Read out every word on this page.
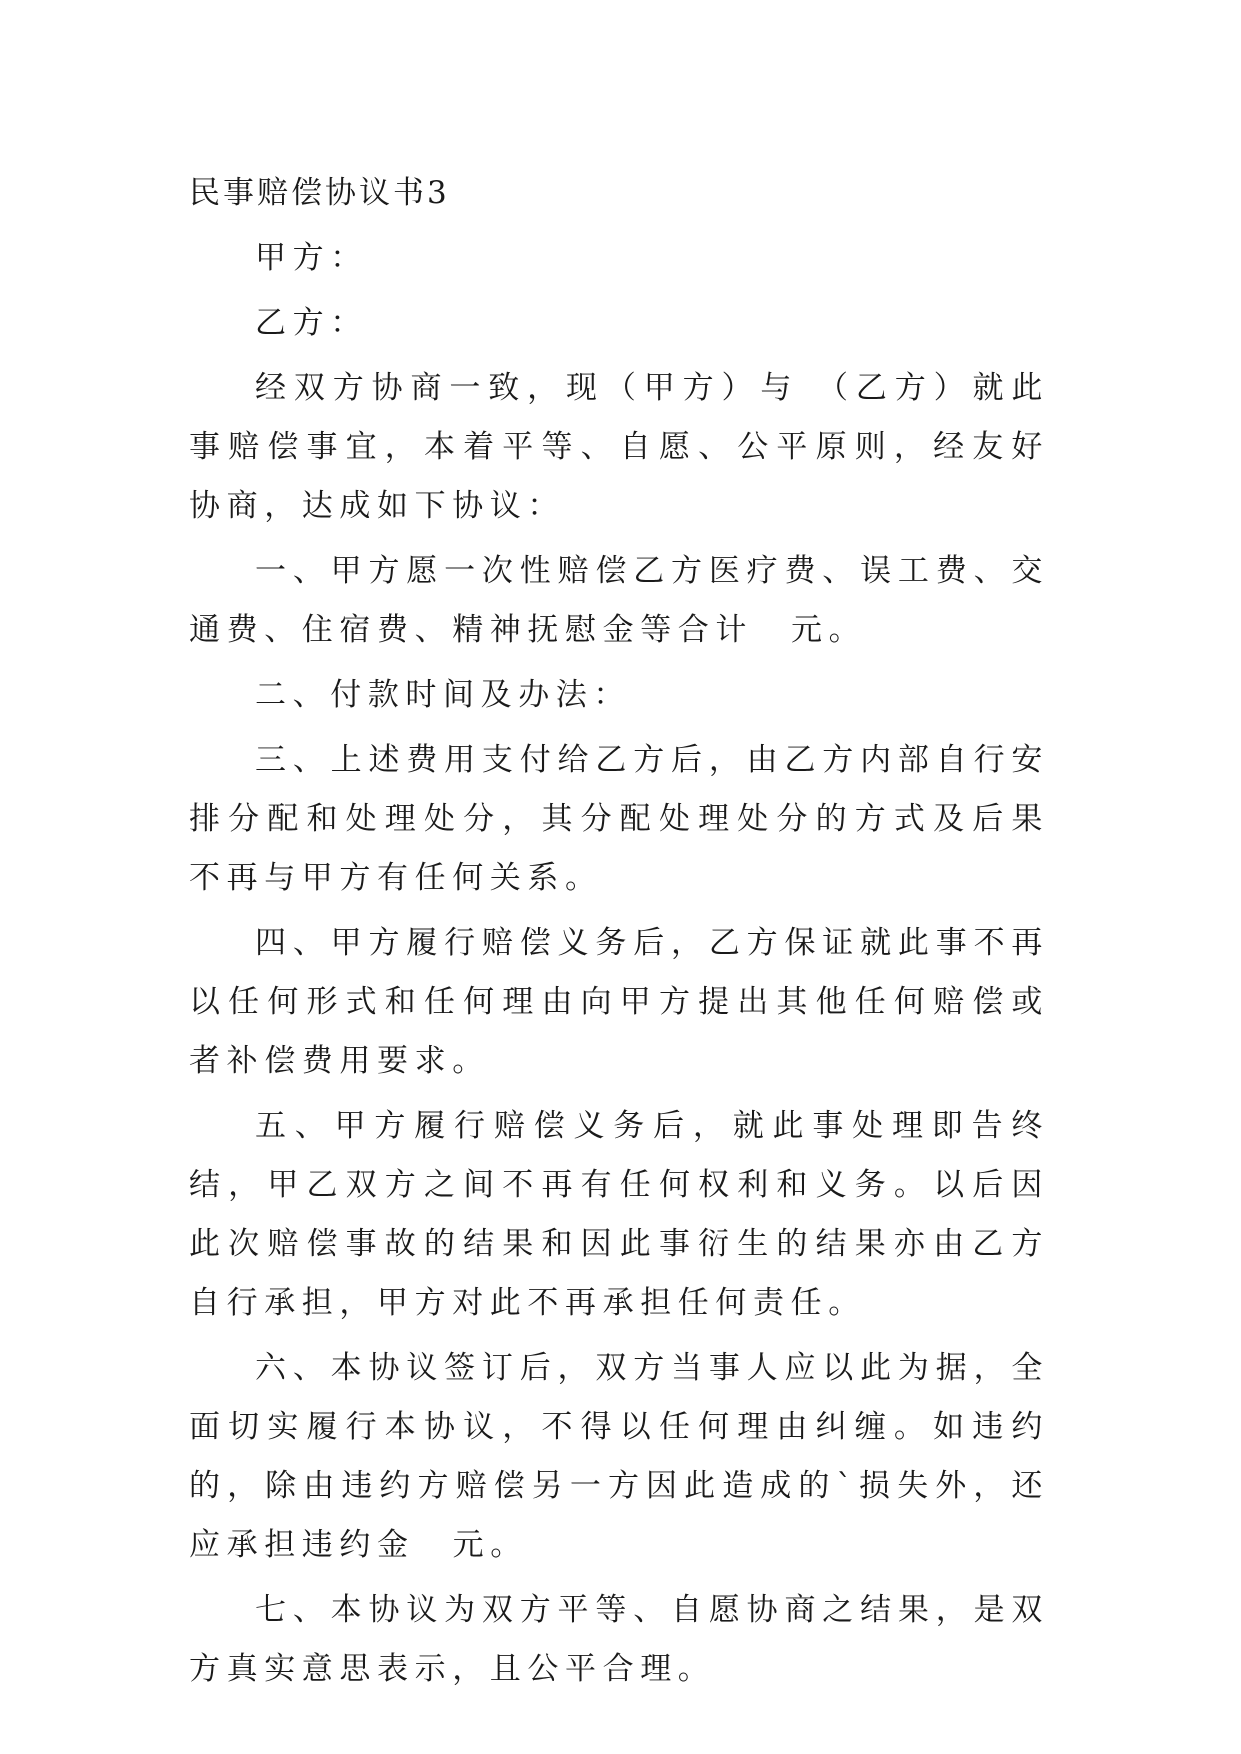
民事赔偿协议书3

甲方：

乙方：

经双方协商一致，现（甲方）与 （乙方）就此事赔偿事宜，本着平等、自愿、公平原则，经友好协商，达成如下协议：

一、甲方愿一次性赔偿乙方医疗费、误工费、交通费、住宿费、精神抚慰金等合计 元。

二、付款时间及办法：

三、上述费用支付给乙方后，由乙方内部自行安排分配和处理处分，其分配处理处分的方式及后果不再与甲方有任何关系。

四、甲方履行赔偿义务后，乙方保证就此事不再以任何形式和任何理由向甲方提出其他任何赔偿或者补偿费用要求。

五、甲方履行赔偿义务后，就此事处理即告终结，甲乙双方之间不再有任何权利和义务。以后因此次赔偿事故的结果和因此事衍生的结果亦由乙方自行承担，甲方对此不再承担任何责任。

六、本协议签订后，双方当事人应以此为据，全面切实履行本协议，不得以任何理由纠缠。如违约的，除由违约方赔偿另一方因此造成的`损失外，还应承担违约金 元。

七、本协议为双方平等、自愿协商之结果，是双方真实意思表示，且公平合理。
